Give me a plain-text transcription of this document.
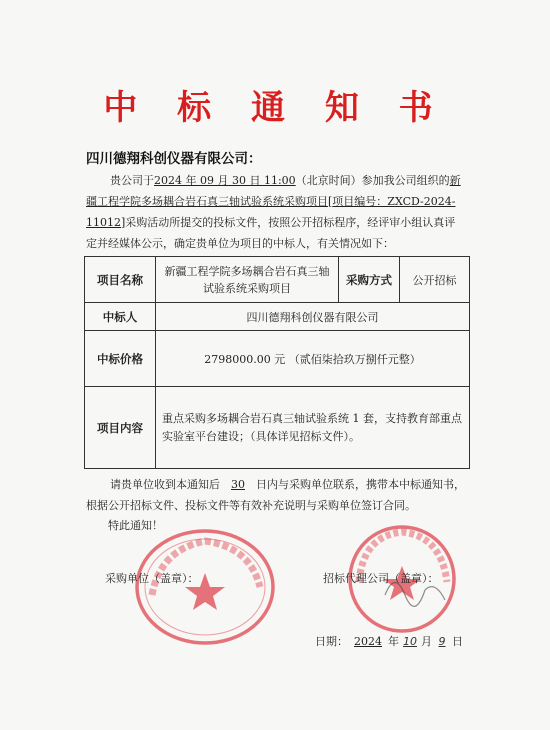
中 标 通 知 书
四川德翔科创仪器有限公司：
贵公司于2024 年 09 月 30 日 11:00（北京时间）参加我公司组织的新疆工程学院多场耦合岩石真三轴试验系统采购项目[项目编号：ZXCD-2024-11012]采购活动所提交的投标文件，按照公开招标程序，经评审小组认真评定并经媒体公示，确定贵单位为项目的中标人，有关情况如下：
项目名称	新疆工程学院多场耦合岩石真三轴试验系统采购项目	采购方式	公开招标
中标人	四川德翔科创仪器有限公司		
中标价格	2798000.00 元 （贰佰柒拾玖万捌仟元整）		
项目内容	重点采购多场耦合岩石真三轴试验系统 1 套，支持教育部重点实验室平台建设；（具体详见招标文件）。		
请贵单位收到本通知后 30 日内与采购单位联系，携带本中标通知书，根据公开招标文件、投标文件等有效补充说明与采购单位签订合同。
特此通知！
采购单位（盖章）：	招标代理公司（盖章）：
日期： 2024 年 10 月 9 日
